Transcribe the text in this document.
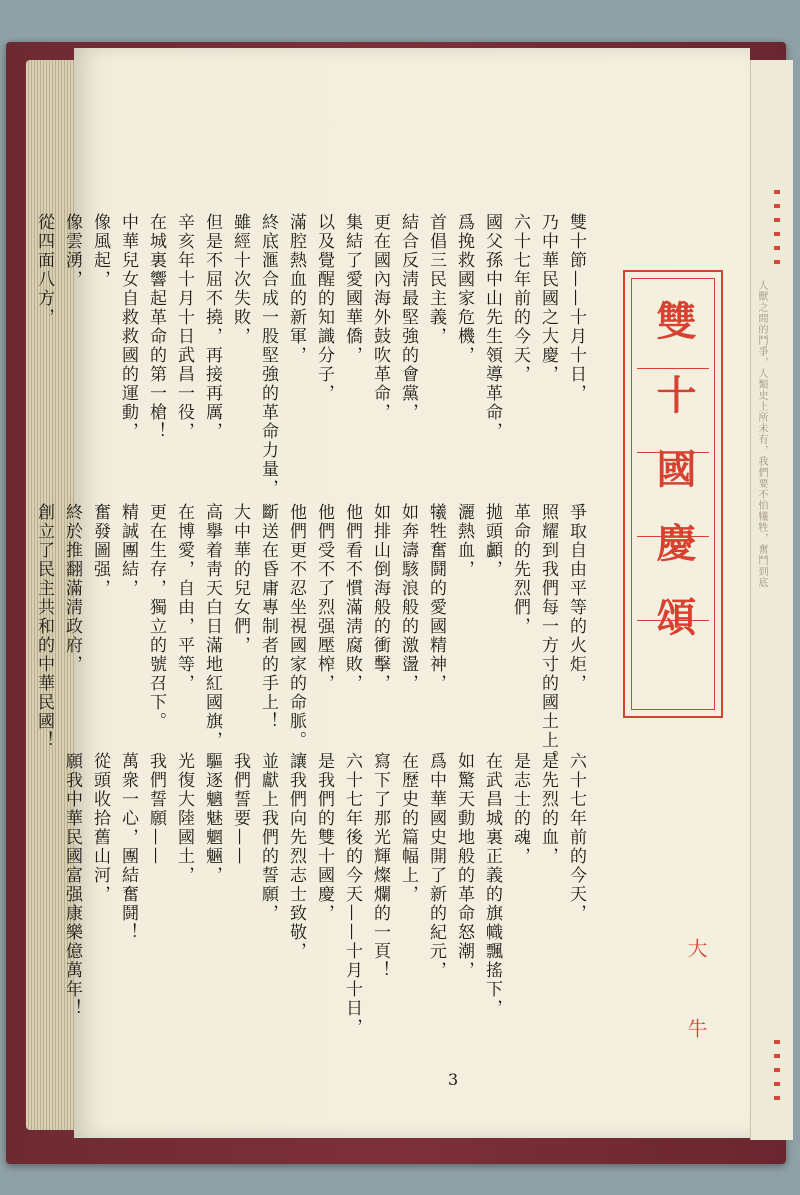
人獸之間的鬥爭，人類史上所未有，我們要不怕犧牲，奮鬥到底
雙十國慶頌
大　牛
雙十節——十月十日，
乃中華民國之大慶，
六十七年前的今天，
國父孫中山先生領導革命，
爲挽救國家危機，
首倡三民主義，
結合反淸最堅強的會黨，
更在國內海外鼓吹革命，
集結了愛國華僑，
以及覺醒的知識分子，
滿腔熱血的新軍，
終底滙合成一股堅強的革命力量，
雖經十次失敗，
但是不屈不撓，再接再厲，
辛亥年十月十日武昌一役，
在城裏響起革命的第一槍！
中華兒女自救救國的運動，
像風起，
像雲湧，
從四面八方，
爭取自由平等的火炬，
照耀到我們每一方寸的國土上。
革命的先烈們，
拋頭顱，
灑熱血，
犧牲奮鬪的愛國精神，
如奔濤駭浪般的激盪，
如排山倒海般的衝擊，
他們看不慣滿淸腐敗，
他們受不了烈强壓榨，
他們更不忍坐視國家的命脈。
斷送在昏庸專制者的手上！
大中華的兒女們，
高擧着靑天白日滿地紅國旗，
在博愛，自由，平等，
更在生存，獨立的號召下。
精誠團結，
奮發圖强，
終於推翻滿淸政府，
創立了民主共和的中華民國！
六十七年前的今天，
是先烈的血，
是志士的魂，
在武昌城裏正義的旗幟飄搖下，
如驚天動地般的革命怒潮，
爲中華國史開了新的紀元，
在歷史的篇幅上，
寫下了那光輝燦爛的一頁！
六十七年後的今天——十月十日，
是我們的雙十國慶，
讓我們向先烈志士致敬，
並獻上我們的誓願，
我們誓要——
驅逐魑魅魍魎，
光復大陸國土，
我們誓願——
萬衆一心，團結奮鬪！
從頭收拾舊山河，
願我中華民國富强康樂億萬年！
3
